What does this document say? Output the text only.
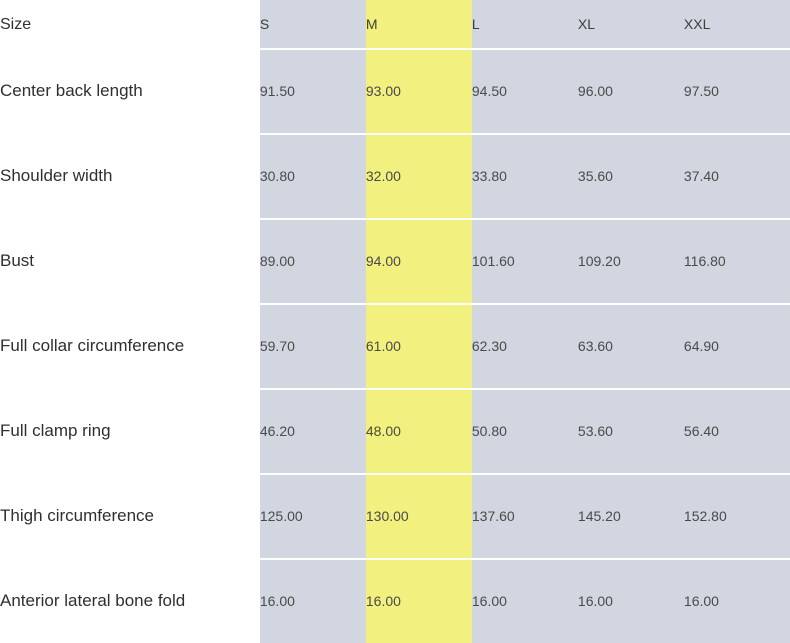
Size	S	M	L	XL	XXL

Center back length	91.50	93.00	94.50	96.00	97.50

Shoulder width	30.80	32.00	33.80	35.60	37.40

Bust	89.00	94.00	101.60	109.20	116.80

Full collar circumference	59.70	61.00	62.30	63.60	64.90

Full clamp ring	46.20	48.00	50.80	53.60	56.40

Thigh circumference	125.00	130.00	137.60	145.20	152.80

Anterior lateral bone fold	16.00	16.00	16.00	16.00	16.00
